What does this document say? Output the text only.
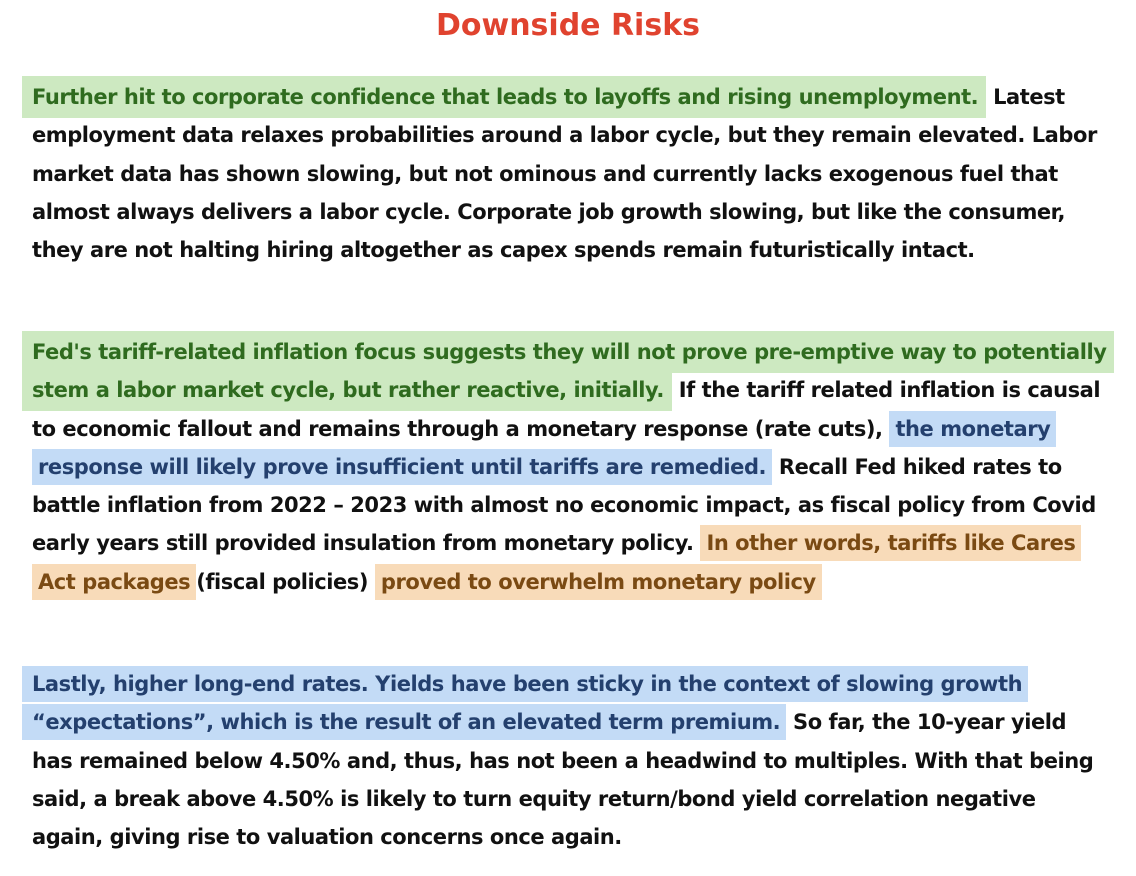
Downside Risks

Further hit to corporate confidence that leads to layoffs and rising unemployment. Latest employment data relaxes probabilities around a labor cycle, but they remain elevated. Labor market data has shown slowing, but not ominous and currently lacks exogenous fuel that almost always delivers a labor cycle. Corporate job growth slowing, but like the consumer, they are not halting hiring altogether as capex spends remain futuristically intact.

Fed's tariff-related inflation focus suggests they will not prove pre-emptive way to potentially stem a labor market cycle, but rather reactive, initially. If the tariff related inflation is causal to economic fallout and remains through a monetary response (rate cuts), the monetary response will likely prove insufficient until tariffs are remedied. Recall Fed hiked rates to battle inflation from 2022 – 2023 with almost no economic impact, as fiscal policy from Covid early years still provided insulation from monetary policy. In other words, tariffs like Cares Act packages (fiscal policies) proved to overwhelm monetary policy

Lastly, higher long-end rates. Yields have been sticky in the context of slowing growth “expectations”, which is the result of an elevated term premium. So far, the 10-year yield has remained below 4.50% and, thus, has not been a headwind to multiples. With that being said, a break above 4.50% is likely to turn equity return/bond yield correlation negative again, giving rise to valuation concerns once again.
